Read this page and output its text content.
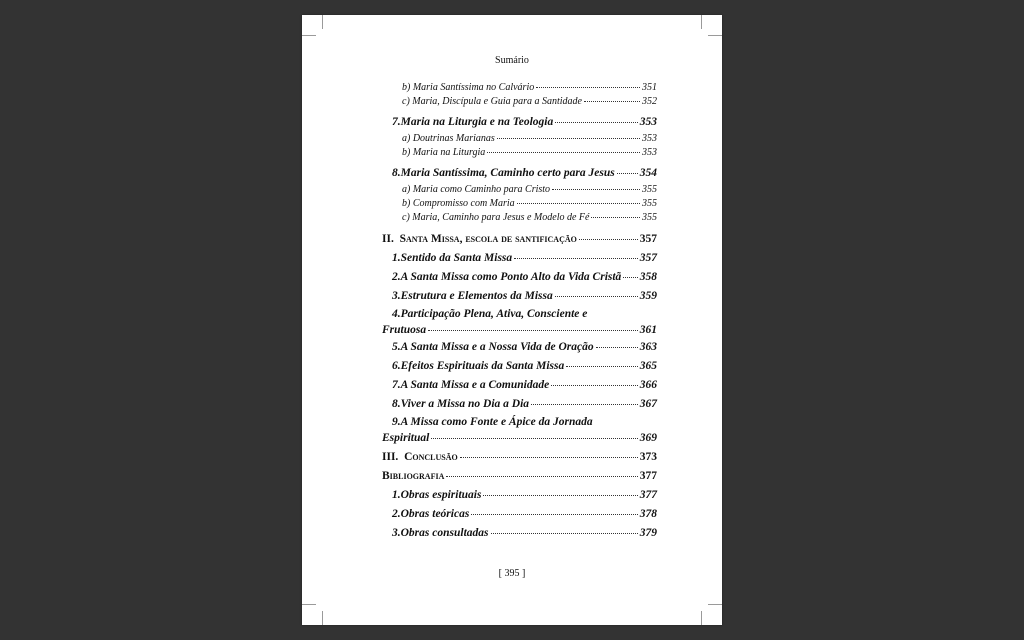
Sumário
b) Maria Santíssima no Calvário	351
c) Maria, Discípula e Guia para a Santidade	352
7.Maria na Liturgia e na Teologia	353
a) Doutrinas Marianas	353
b) Maria na Liturgia	353
8.Maria Santíssima, Caminho certo para Jesus 354
a) Maria como Caminho para Cristo	355
b) Compromisso com Maria	355
c) Maria, Caminho para Jesus e Modelo de Fé	355
II. Santa Missa, escola de santificação	357
1.Sentido da Santa Missa	357
2.A Santa Missa como Ponto Alto da Vida Cristã 358
3.Estrutura e Elementos da Missa	359
4.Participação Plena, Ativa, Consciente e
Frutuosa	361
5.A Santa Missa e a Nossa Vida de Oração	363
6.Efeitos Espirituais da Santa Missa	365
7.A Santa Missa e a Comunidade	366
8.Viver a Missa no Dia a Dia	367
9.A Missa como Fonte e Ápice da Jornada
Espiritual	369
III. Conclusão	373
Bibliografia	377
1.Obras espirituais	377
2.Obras teóricas	378
3.Obras consultadas	379
[ 395 ]
